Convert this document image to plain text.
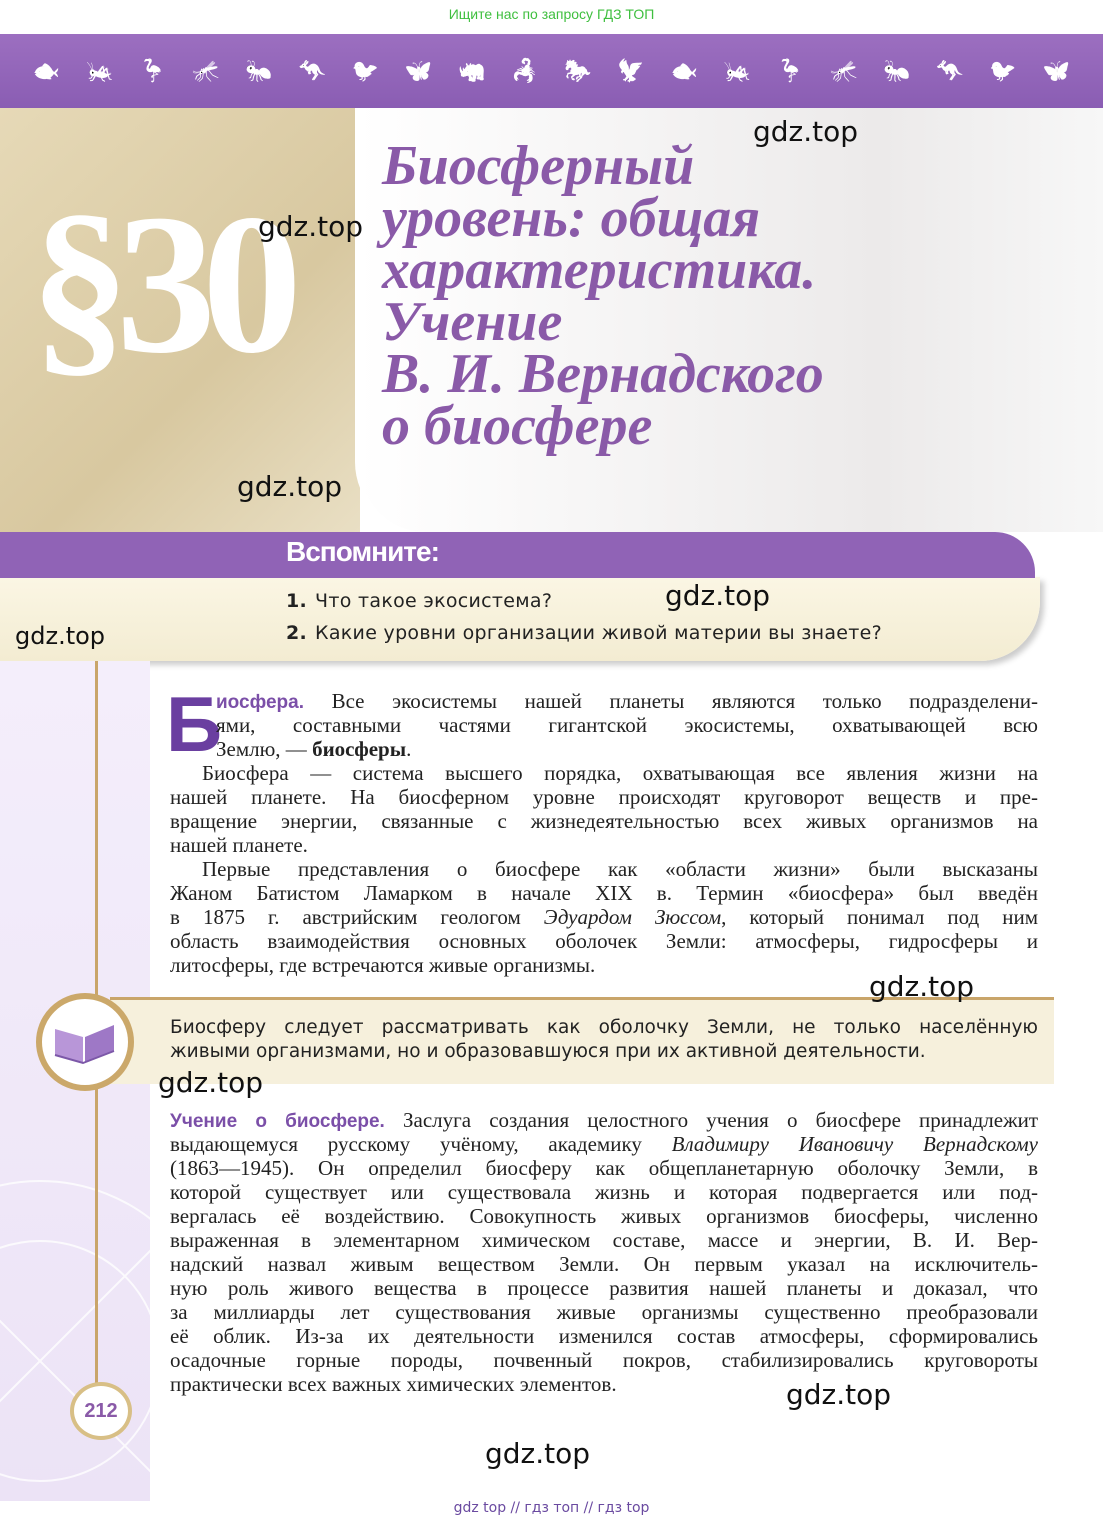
Ищите нас по запросу ГДЗ ТОП
🐟 🦗 🦩 🦟 🐜 🦘 🐦 🦋 🦏 🦂 🐎 🦅 🐟 🦗 🦩 🦟 🐜 🦘 🐦 🦋
§30
Биосферный
уровень: общая
характеристика.
Учение
В. И. Вернадского
о биосфере
Вспомните:
1. Что такое экосистема?
2. Какие уровни организации живой материи вы знаете?
Б
иосфера. Все экосистемы нашей планеты являются только подразделени-
ями, составными частями гигантской экосистемы, охватывающей всю
Землю, — биосферы.
Биосфера — система высшего порядка, охватывающая все явления жизни на
нашей планете. На биосферном уровне происходят круговорот веществ и пре-
вращение энергии, связанные с жизнедеятельностью всех живых организмов на
нашей планете.
Первые представления о биосфере как «области жизни» были высказаны
Жаном Батистом Ламарком в начале XIX в. Термин «биосфера» был введён
в 1875 г. австрийским геологом Эдуардом Зюссом, который понимал под ним
область взаимодействия основных оболочек Земли: атмосферы, гидросферы и
литосферы, где встречаются живые организмы.
Биосферу следует рассматривать как оболочку Земли, не только населённую
живыми организмами, но и образовавшуюся при их активной деятельности.
Учение о биосфере. Заслуга создания целостного учения о биосфере принадлежит
выдающемуся русскому учёному, академику Владимиру Ивановичу Вернадскому
(1863—1945). Он определил биосферу как общепланетарную оболочку Земли, в
которой существует или существовала жизнь и которая подвергается или под-
вергалась её воздействию. Совокупность живых организмов биосферы, численно
выраженная в элементарном химическом составе, массе и энергии, В. И. Вер-
надский назвал живым веществом Земли. Он первым указал на исключитель-
ную роль живого вещества в процессе развития нашей планеты и доказал, что
за миллиарды лет существования живые организмы существенно преобразовали
её облик. Из-за их деятельности изменился состав атмосферы, сформировались
осадочные горные породы, почвенный покров, стабилизировались круговороты
практически всех важных химических элементов.
212
gdz.top
gdz.top
gdz.top
gdz.top
gdz.top
gdz.top
gdz.top
gdz.top
gdz.top
gdz top // гдз топ // гдз top
